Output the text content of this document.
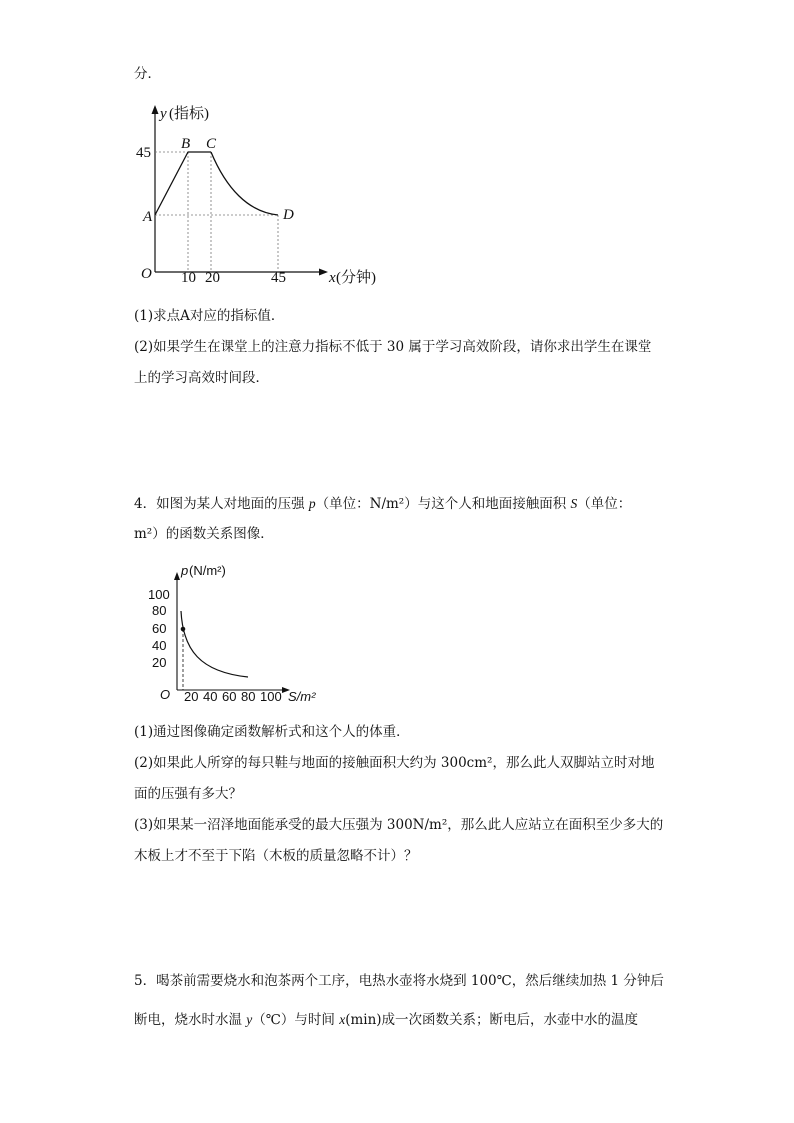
分．
y (指标)
45
A
B C
D
O 10 20	45	x (分钟)
(1)求点A对应的指标值．
(2)如果学生在课堂上的注意力指标不低于 30 属于学习高效阶段，请你求出学生在课堂
上的学习高效时间段．
4．如图为某人对地面的压强 p（单位：N/m²）与这个人和地面接触面积 S（单位：
m²）的函数关系图像．
100
80
60
40
20
O 20 40 60 80 100 S/m²
p (N/m²)
(1)通过图像确定函数解析式和这个人的体重．
(2)如果此人所穿的每只鞋与地面的接触面积大约为 300cm²，那么此人双脚站立时对地
面的压强有多大？
(3)如果某一沼泽地面能承受的最大压强为 300N/m²，那么此人应站立在面积至少多大的
木板上才不至于下陷（木板的质量忽略不计）？
5．喝茶前需要烧水和泡茶两个工序，电热水壶将水烧到 100℃，然后继续加热 1 分钟后
断电，烧水时水温 y（℃）与时间 x(min)成一次函数关系；断电后，水壶中水的温度
